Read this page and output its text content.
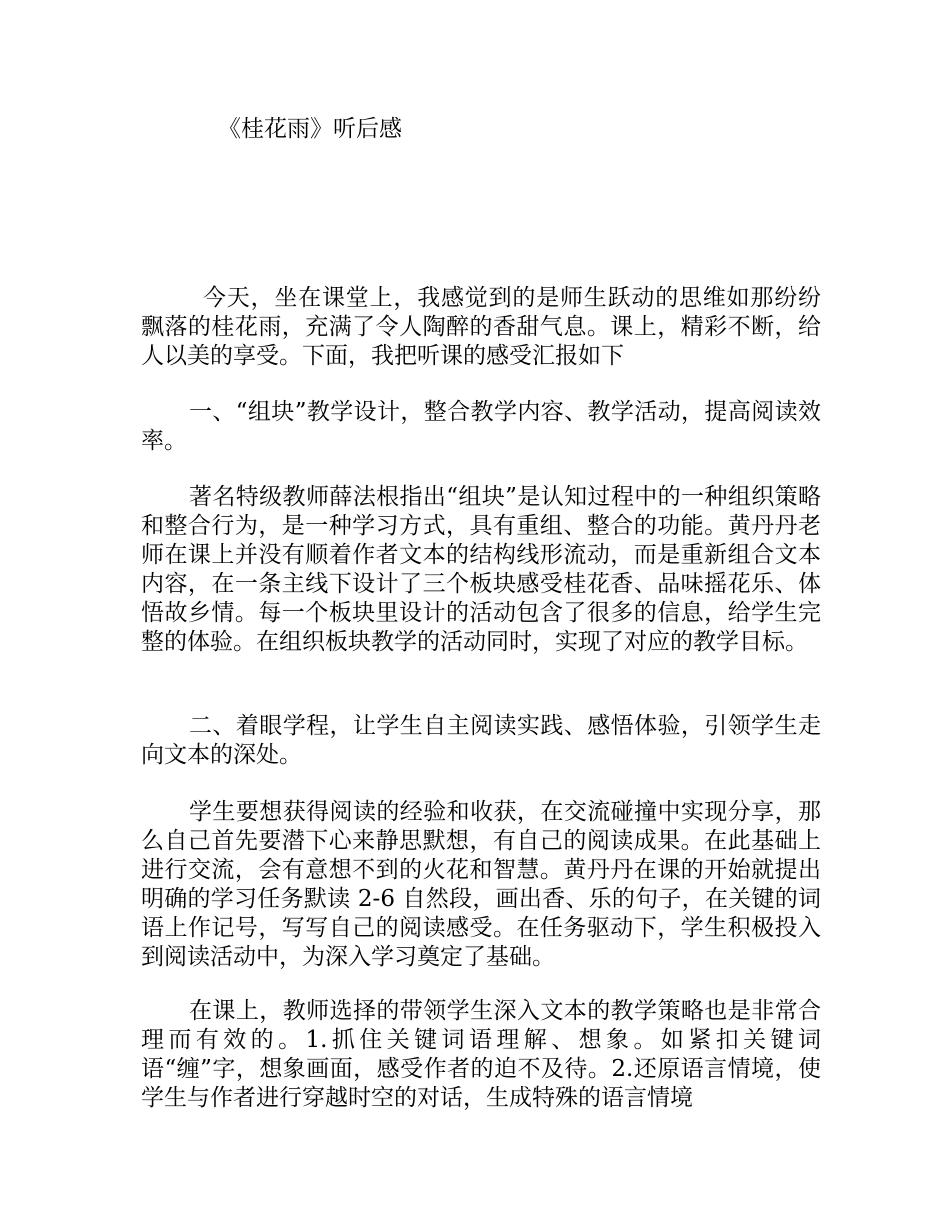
《桂花雨》听后感

今天，坐在课堂上，我感觉到的是师生跃动的思维如那纷纷飘落的桂花雨，充满了令人陶醉的香甜气息。课上，精彩不断，给人以美的享受。下面，我把听课的感受汇报如下

一、“组块”教学设计，整合教学内容、教学活动，提高阅读效率。

著名特级教师薛法根指出“组块”是认知过程中的一种组织策略和整合行为，是一种学习方式，具有重组、整合的功能。黄丹丹老师在课上并没有顺着作者文本的结构线形流动，而是重新组合文本内容，在一条主线下设计了三个板块感受桂花香、品味摇花乐、体悟故乡情。每一个板块里设计的活动包含了很多的信息，给学生完整的体验。在组织板块教学的活动同时，实现了对应的教学目标。

二、着眼学程，让学生自主阅读实践、感悟体验，引领学生走向文本的深处。

学生要想获得阅读的经验和收获，在交流碰撞中实现分享，那么自己首先要潜下心来静思默想，有自己的阅读成果。在此基础上进行交流，会有意想不到的火花和智慧。黄丹丹在课的开始就提出明确的学习任务默读 2-6 自然段，画出香、乐的句子，在关键的词语上作记号，写写自己的阅读感受。在任务驱动下，学生积极投入到阅读活动中，为深入学习奠定了基础。

在课上，教师选择的带领学生深入文本的教学策略也是非常合理而有效的。1.抓住关键词语理解、想象。如紧扣关键词语“缠”字，想象画面，感受作者的迫不及待。2.还原语言情境，使学生与作者进行穿越时空的对话，生成特殊的语言情境
